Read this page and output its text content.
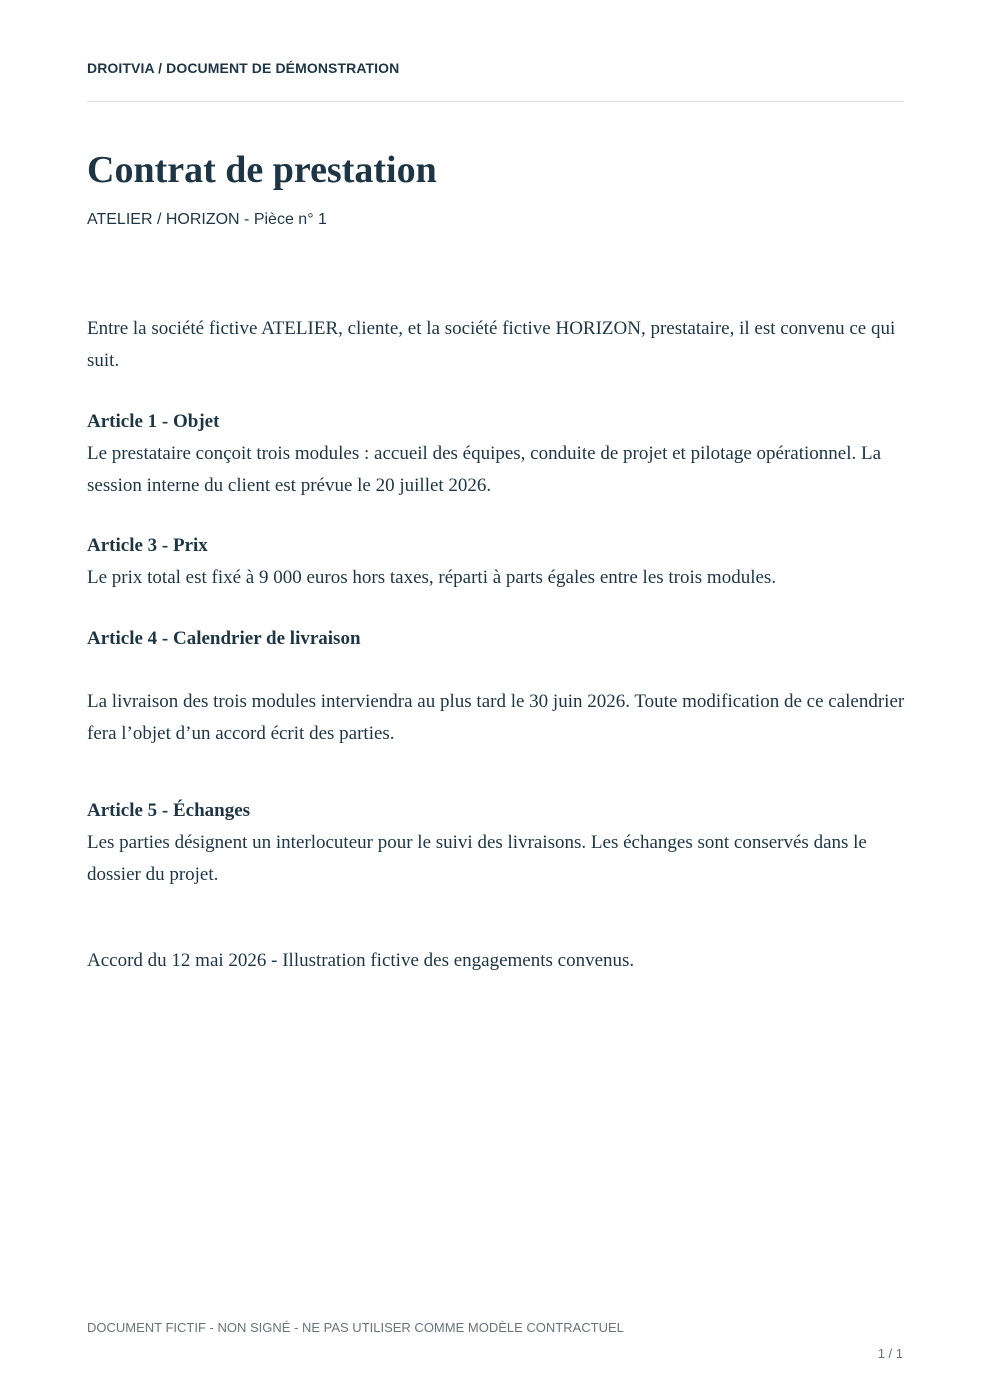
DROITVIA / DOCUMENT DE DÉMONSTRATION
Contrat de prestation
ATELIER / HORIZON - Pièce n° 1

Entre la société fictive ATELIER, cliente, et la société fictive HORIZON, prestataire, il est convenu ce qui suit.

Article 1 - Objet

Le prestataire conçoit trois modules : accueil des équipes, conduite de projet et pilotage opérationnel. La session interne du client est prévue le 20 juillet 2026.

Article 3 - Prix

Le prix total est fixé à 9 000 euros hors taxes, réparti à parts égales entre les trois modules.

Article 4 - Calendrier de livraison

La livraison des trois modules interviendra au plus tard le 30 juin 2026. Toute modification de ce calendrier fera l’objet d’un accord écrit des parties.

Article 5 - Échanges

Les parties désignent un interlocuteur pour le suivi des livraisons. Les échanges sont conservés dans le dossier du projet.

Accord du 12 mai 2026 - Illustration fictive des engagements convenus.

DOCUMENT FICTIF - NON SIGNÉ - NE PAS UTILISER COMME MODÈLE CONTRACTUEL
1 / 1
